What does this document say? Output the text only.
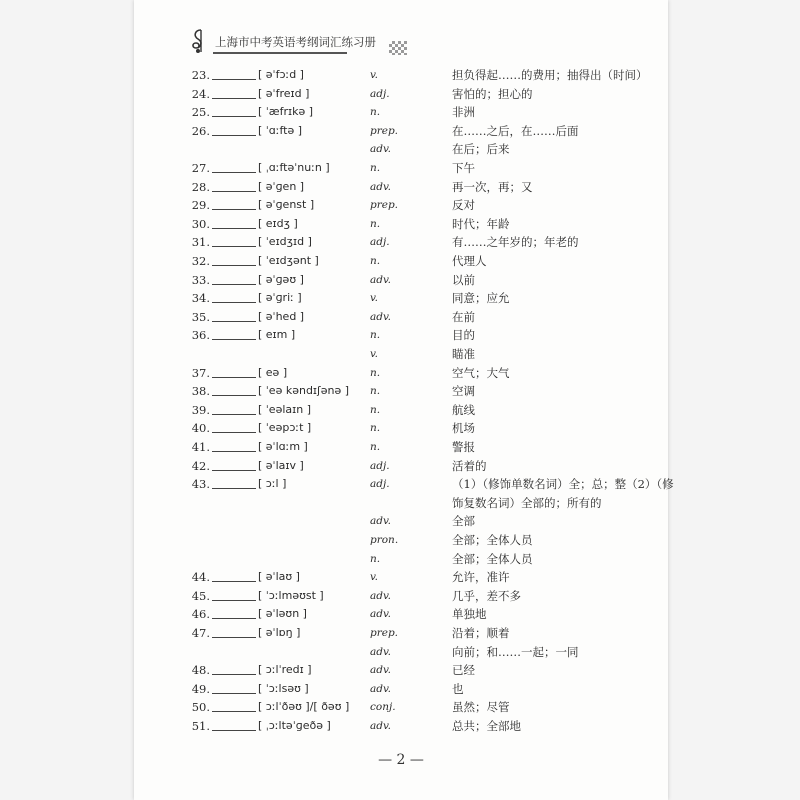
上海市中考英语考纲词汇练习册
23.	[ əˈfɔːd ]	v.	担负得起……的费用；抽得出（时间）
24.	[ əˈfreɪd ]	adj.	害怕的；担心的
25.	[ ˈæfrɪkə ]	n.	非洲
26.	[ ˈɑːftə ]	prep.	在……之后，在……后面
adv.	在后；后来
27.	[ ˌɑːftəˈnuːn ]	n.	下午
28.	[ əˈɡen ]	adv.	再一次，再；又
29.	[ əˈɡenst ]	prep.	反对
30.	[ eɪdʒ ]	n.	时代；年龄
31.	[ ˈeɪdʒɪd ]	adj.	有……之年岁的；年老的
32.	[ ˈeɪdʒənt ]	n.	代理人
33.	[ əˈɡəʊ ]	adv.	以前
34.	[ əˈɡriː ]	v.	同意；应允
35.	[ əˈhed ]	adv.	在前
36.	[ eɪm ]	n.	目的
v.	瞄准
37.	[ eə ]	n.	空气；大气
38.	[ ˈeə kəndɪʃənə ] n.	空调
39.	[ ˈeəlaɪn ]	n.	航线
40.	[ ˈeəpɔːt ]	n.	机场
41.	[ əˈlɑːm ]	n.	警报
42.	[ əˈlaɪv ]	adj.	活着的
43.	[ ɔːl ]	adj.	（1）（修饰单数名词）全；总；整（2）（修
饰复数名词）全部的；所有的
adv.	全部
pron.	全部；全体人员
n.	全部；全体人员
44.	[ əˈlaʊ ]	v.	允许，准许
45.	[ ˈɔːlməʊst ]	adv.	几乎，差不多
46.	[ əˈləʊn ]	adv.	单独地
47.	[ əˈlɒŋ ]	prep.	沿着；顺着
adv.	向前；和……一起；一同
48.	[ ɔːlˈredɪ ]	adv.	已经
49.	[ ˈɔːlsəʊ ]	adv.	也
50.	[ ɔːlˈðəʊ ]/[ ðəʊ ] conj.	虽然；尽管
51.	[ ˌɔːltəˈɡeðə ]	adv.	总共；全部地
— 2 —
